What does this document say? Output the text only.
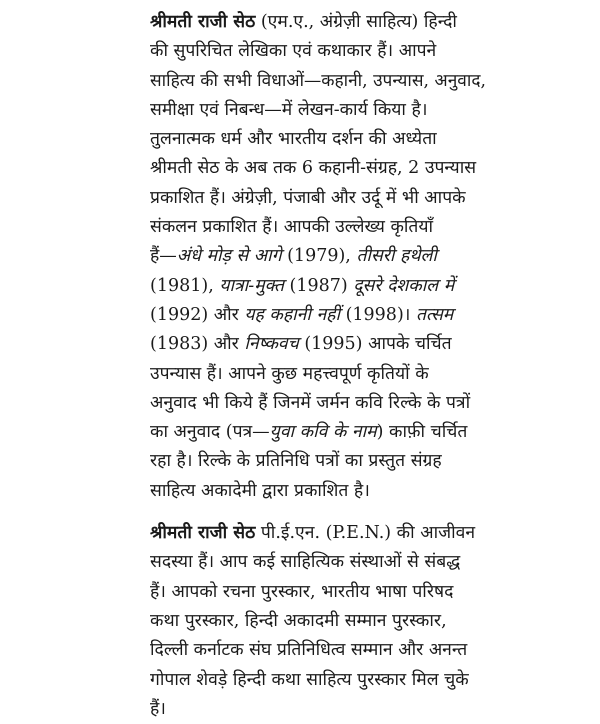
श्रीमती राजी सेठ (एम.ए., अंग्रेज़ी साहित्य) हिन्दी
की सुपरिचित लेखिका एवं कथाकार हैं। आपने
साहित्य की सभी विधाओं—कहानी, उपन्यास, अनुवाद,
समीक्षा एवं निबन्ध—में लेखन-कार्य किया है।
तुलनात्मक धर्म और भारतीय दर्शन की अध्येता
श्रीमती सेठ के अब तक 6 कहानी-संग्रह, 2 उपन्यास
प्रकाशित हैं। अंग्रेज़ी, पंजाबी और उर्दू में भी आपके
संकलन प्रकाशित हैं। आपकी उल्लेख्य कृतियाँ
हैं—अंधे मोड़ से आगे (1979), तीसरी हथेली
(1981), यात्रा-मुक्त (1987) दूसरे देशकाल में
(1992) और यह कहानी नहीं (1998)। तत्सम
(1983) और निष्कवच (1995) आपके चर्चित
उपन्यास हैं। आपने कुछ महत्त्वपूर्ण कृतियों के
अनुवाद भी किये हैं जिनमें जर्मन कवि रिल्के के पत्रों
का अनुवाद (पत्र—युवा कवि के नाम) काफ़ी चर्चित
रहा है। रिल्के के प्रतिनिधि पत्रों का प्रस्तुत संग्रह
साहित्य अकादेमी द्वारा प्रकाशित है।
श्रीमती राजी सेठ पी.ई.एन. (P.E.N.) की आजीवन
सदस्या हैं। आप कई साहित्यिक संस्थाओं से संबद्ध
हैं। आपको रचना पुरस्कार, भारतीय भाषा परिषद
कथा पुरस्कार, हिन्दी अकादमी सम्मान पुरस्कार,
दिल्ली कर्नाटक संघ प्रतिनिधित्व सम्मान और अनन्त
गोपाल शेवड़े हिन्दी कथा साहित्य पुरस्कार मिल चुके
हैं।
